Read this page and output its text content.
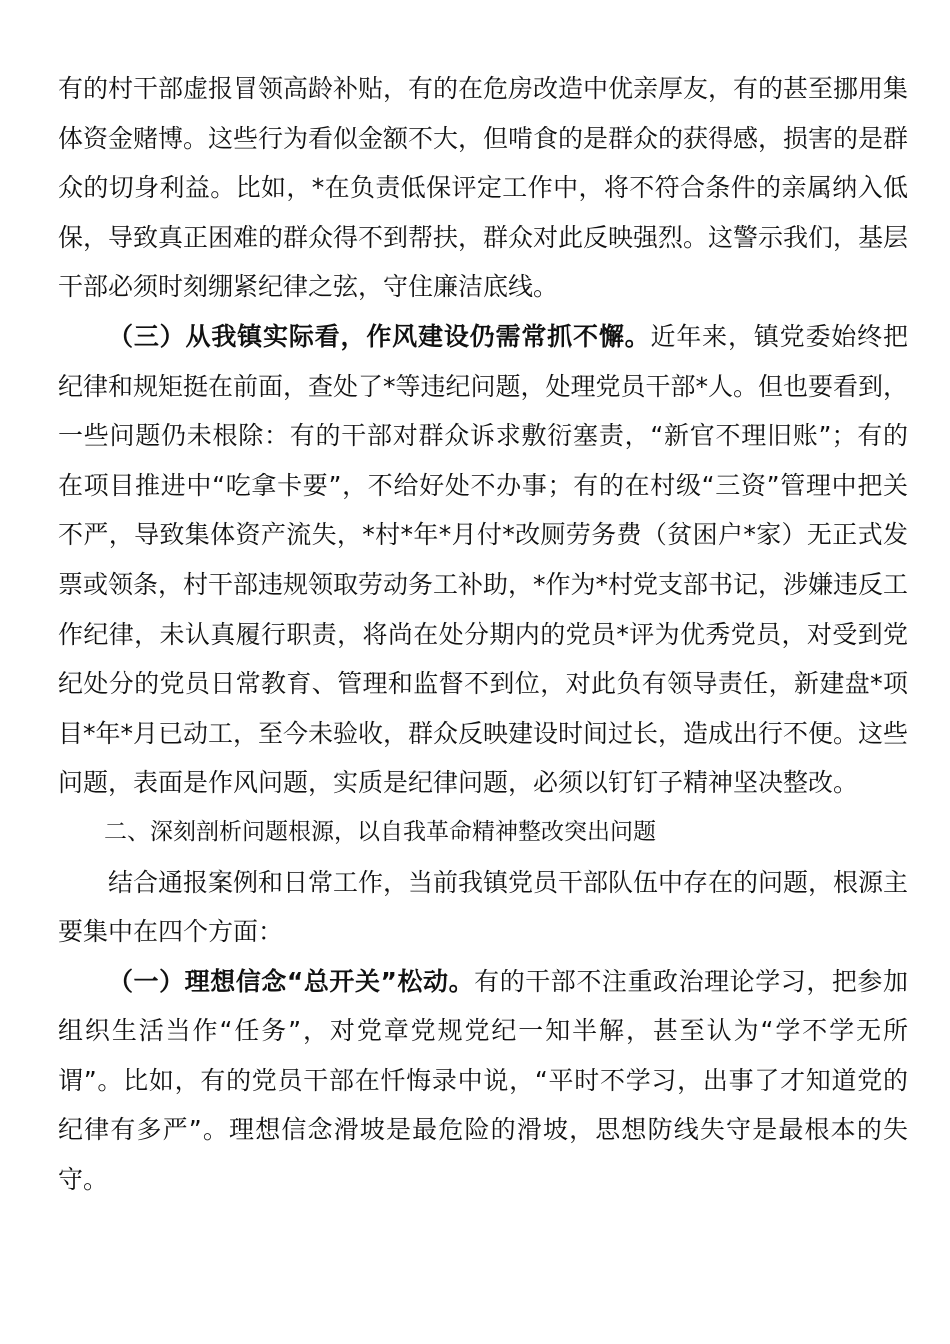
有的村干部虚报冒领高龄补贴，有的在危房改造中优亲厚友，有的甚至挪用集体资金赌博。这些行为看似金额不大，但啃食的是群众的获得感，损害的是群众的切身利益。比如，*在负责低保评定工作中，将不符合条件的亲属纳入低保，导致真正困难的群众得不到帮扶，群众对此反映强烈。这警示我们，基层干部必须时刻绷紧纪律之弦，守住廉洁底线。

（三）从我镇实际看，作风建设仍需常抓不懈。近年来，镇党委始终把纪律和规矩挺在前面，查处了*等违纪问题，处理党员干部*人。但也要看到，一些问题仍未根除：有的干部对群众诉求敷衍塞责，“新官不理旧账”；有的在项目推进中“吃拿卡要”，不给好处不办事；有的在村级“三资”管理中把关不严，导致集体资产流失，*村*年*月付*改厕劳务费（贫困户*家）无正式发票或领条，村干部违规领取劳动务工补助，*作为*村党支部书记，涉嫌违反工作纪律，未认真履行职责，将尚在处分期内的党员*评为优秀党员，对受到党纪处分的党员日常教育、管理和监督不到位，对此负有领导责任，新建盘*项目*年*月已动工，至今未验收，群众反映建设时间过长，造成出行不便。这些问题，表面是作风问题，实质是纪律问题，必须以钉钉子精神坚决整改。

二、深刻剖析问题根源，以自我革命精神整改突出问题

结合通报案例和日常工作，当前我镇党员干部队伍中存在的问题，根源主要集中在四个方面：

（一）理想信念“总开关”松动。有的干部不注重政治理论学习，把参加组织生活当作“任务”，对党章党规党纪一知半解，甚至认为“学不学无所谓”。比如，有的党员干部在忏悔录中说，“平时不学习，出事了才知道党的纪律有多严”。理想信念滑坡是最危险的滑坡，思想防线失守是最根本的失守。
